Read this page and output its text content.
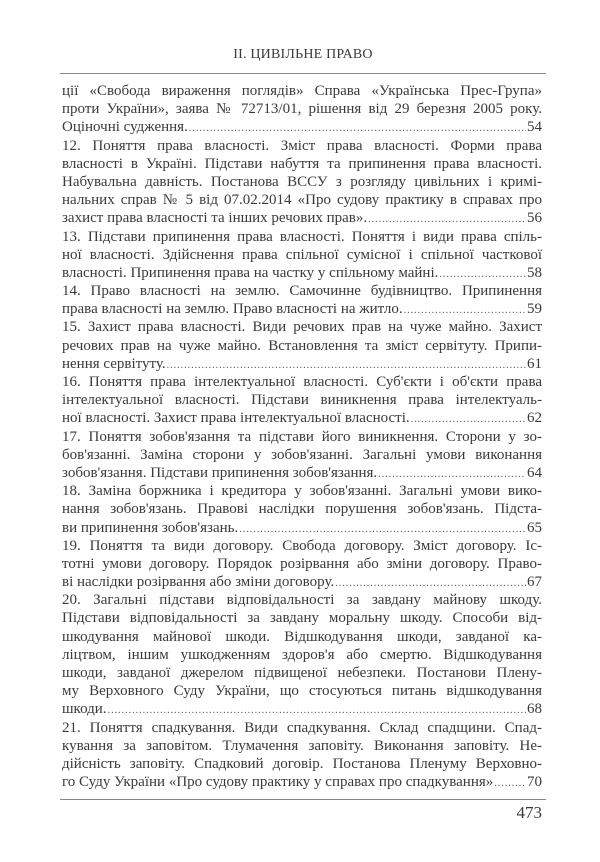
II. ЦИВІЛЬНЕ ПРАВО
ції «Свобода вираження поглядів» Справа «Українська Прес-Група»
проти України», заява № 72713/01, рішення від 29 березня 2005 року.
Оціночні судження. .....	54
12. Поняття права власності. Зміст права власності. Форми права
власності в Україні. Підстави набуття та припинення права власності.
Набувальна давність. Постанова ВССУ з розгляду цивільних і кримі-
нальних справ № 5 від 07.02.2014 «Про судову практику в справах про
захист права власності та інших речових прав». .....	56
13. Підстави припинення права власності. Поняття і види права спіль-
ної власності. Здійснення права спільної сумісної і спільної часткової
власності. Припинення права на частку у спільному майні. .....	58
14. Право власності на землю. Самочинне будівництво. Припинення
права власності на землю. Право власності на житло. .....	59
15. Захист права власності. Види речових прав на чуже майно. Захист
речових прав на чуже майно. Встановлення та зміст сервітуту. Припи-
нення сервітуту. .....	61
16. Поняття права інтелектуальної власності. Суб'єкти і об'єкти права
інтелектуальної власності. Підстави виникнення права інтелектуаль-
ної власності. Захист права інтелектуальної власності. .....	62
17. Поняття зобов'язання та підстави його виникнення. Сторони у зо-
бов'язанні. Заміна сторони у зобов'язанні. Загальні умови виконання
зобов'язання. Підстави припинення зобов'язання. .....	64
18. Заміна боржника і кредитора у зобов'язанні. Загальні умови вико-
нання зобов'язань. Правові наслідки порушення зобов'язань. Підста-
ви припинення зобов'язань. .....	65
19. Поняття та види договору. Свобода договору. Зміст договору. Іс-
тотні умови договору. Порядок розірвання або зміни договору. Право-
ві наслідки розірвання або зміни договору. .....	67
20. Загальні підстави відповідальності за завдану майнову шкоду.
Підстави відповідальності за завдану моральну шкоду. Способи від-
шкодування майнової шкоди. Відшкодування шкоди, завданої ка-
ліцтвом, іншим ушкодженням здоров'я або смертю. Відшкодування
шкоди, завданої джерелом підвищеної небезпеки. Постанови Плену-
му Верховного Суду України, що стосуються питань відшкодування
шкоди. .....	68
21. Поняття спадкування. Види спадкування. Склад спадщини. Спад-
кування за заповітом. Тлумачення заповіту. Виконання заповіту. Не-
дійсність заповіту. Спадковий договір. Постанова Пленуму Верховно-
го Суду України «Про судову практику у справах про спадкування» ..... 70
473
